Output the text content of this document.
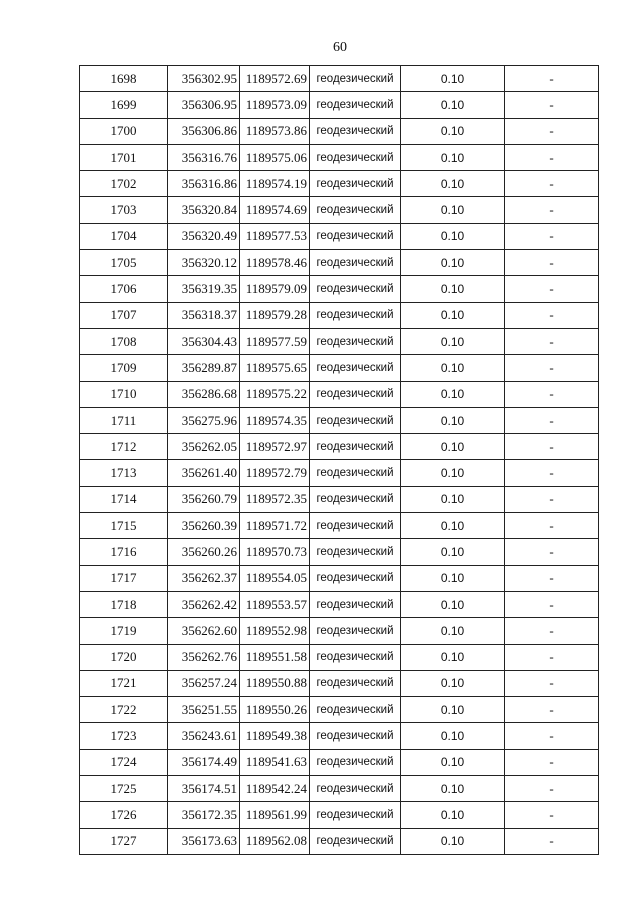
60
1698	356302.95	1189572.69	геодезический	0.10	-
1699	356306.95	1189573.09	геодезический	0.10	-
1700	356306.86	1189573.86	геодезический	0.10	-
1701	356316.76	1189575.06	геодезический	0.10	-
1702	356316.86	1189574.19	геодезический	0.10	-
1703	356320.84	1189574.69	геодезический	0.10	-
1704	356320.49	1189577.53	геодезический	0.10	-
1705	356320.12	1189578.46	геодезический	0.10	-
1706	356319.35	1189579.09	геодезический	0.10	-
1707	356318.37	1189579.28	геодезический	0.10	-
1708	356304.43	1189577.59	геодезический	0.10	-
1709	356289.87	1189575.65	геодезический	0.10	-
1710	356286.68	1189575.22	геодезический	0.10	-
1711	356275.96	1189574.35	геодезический	0.10	-
1712	356262.05	1189572.97	геодезический	0.10	-
1713	356261.40	1189572.79	геодезический	0.10	-
1714	356260.79	1189572.35	геодезический	0.10	-
1715	356260.39	1189571.72	геодезический	0.10	-
1716	356260.26	1189570.73	геодезический	0.10	-
1717	356262.37	1189554.05	геодезический	0.10	-
1718	356262.42	1189553.57	геодезический	0.10	-
1719	356262.60	1189552.98	геодезический	0.10	-
1720	356262.76	1189551.58	геодезический	0.10	-
1721	356257.24	1189550.88	геодезический	0.10	-
1722	356251.55	1189550.26	геодезический	0.10	-
1723	356243.61	1189549.38	геодезический	0.10	-
1724	356174.49	1189541.63	геодезический	0.10	-
1725	356174.51	1189542.24	геодезический	0.10	-
1726	356172.35	1189561.99	геодезический	0.10	-
1727	356173.63	1189562.08	геодезический	0.10	-
